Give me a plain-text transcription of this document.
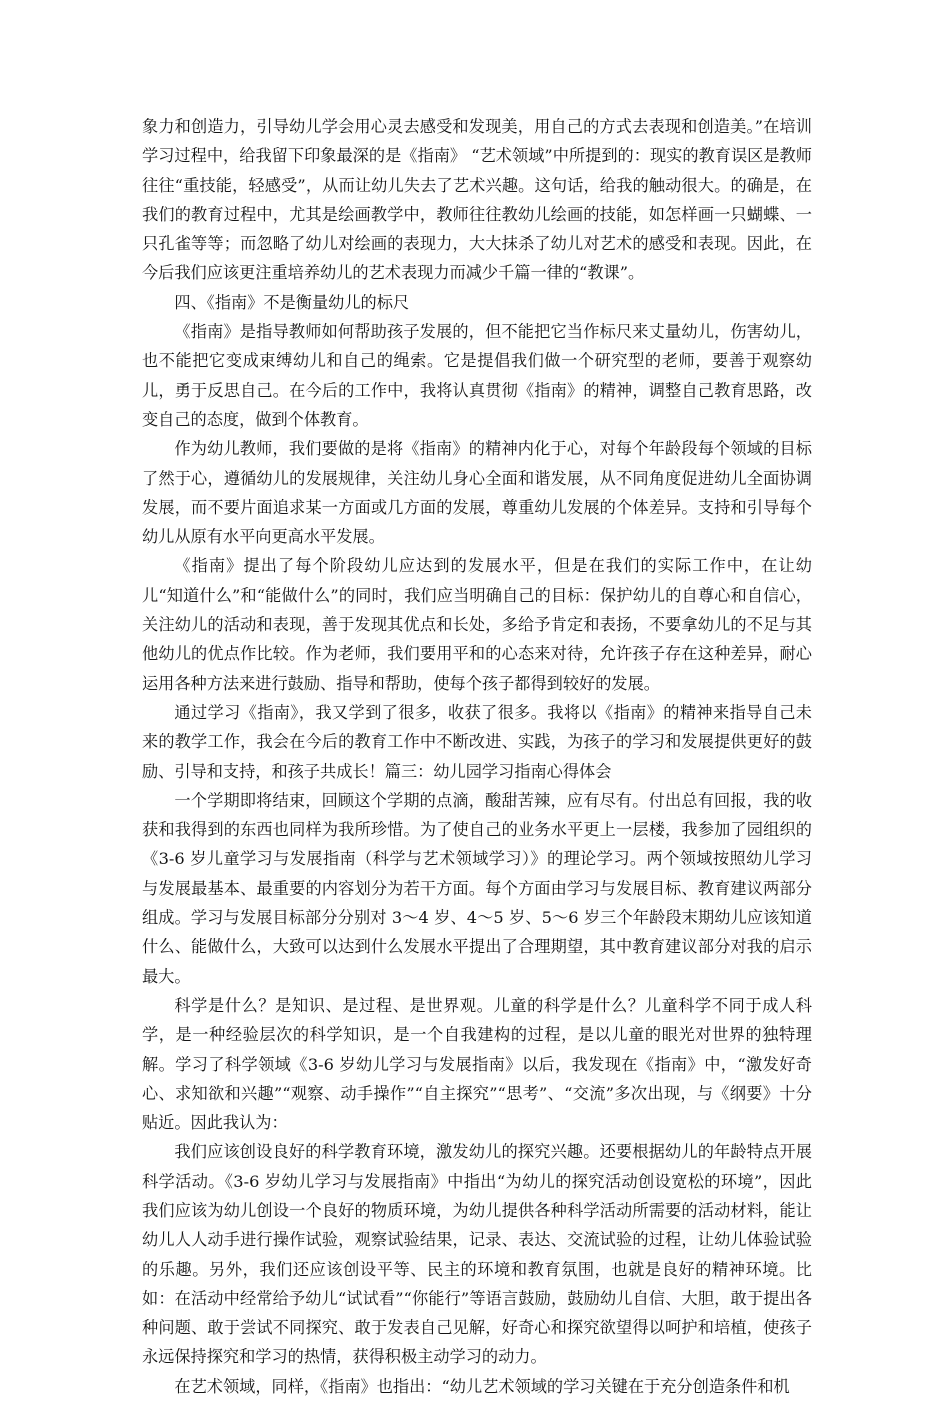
象力和创造力，引导幼儿学会用心灵去感受和发现美，用自己的方式去表现和创造美。”在培训学习过程中，给我留下印象最深的是《指南》 “艺术领域”中所提到的：现实的教育误区是教师往往“重技能，轻感受”，从而让幼儿失去了艺术兴趣。这句话，给我的触动很大。的确是，在我们的教育过程中，尤其是绘画教学中，教师往往教幼儿绘画的技能，如怎样画一只蝴蝶、一只孔雀等等；而忽略了幼儿对绘画的表现力，大大抹杀了幼儿对艺术的感受和表现。因此，在今后我们应该更注重培养幼儿的艺术表现力而减少千篇一律的“教课”。

四、《指南》不是衡量幼儿的标尺

《指南》是指导教师如何帮助孩子发展的，但不能把它当作标尺来丈量幼儿，伤害幼儿，也不能把它变成束缚幼儿和自己的绳索。它是提倡我们做一个研究型的老师，要善于观察幼儿，勇于反思自己。在今后的工作中，我将认真贯彻《指南》的精神，调整自己教育思路，改变自己的态度，做到个体教育。

作为幼儿教师，我们要做的是将《指南》的精神内化于心，对每个年龄段每个领域的目标了然于心，遵循幼儿的发展规律，关注幼儿身心全面和谐发展，从不同角度促进幼儿全面协调发展，而不要片面追求某一方面或几方面的发展，尊重幼儿发展的个体差异。支持和引导每个幼儿从原有水平向更高水平发展。

《指南》提出了每个阶段幼儿应达到的发展水平，但是在我们的实际工作中，在让幼儿“知道什么”和“能做什么”的同时，我们应当明确自己的目标：保护幼儿的自尊心和自信心，关注幼儿的活动和表现，善于发现其优点和长处，多给予肯定和表扬，不要拿幼儿的不足与其他幼儿的优点作比较。作为老师，我们要用平和的心态来对待，允许孩子存在这种差异，耐心运用各种方法来进行鼓励、指导和帮助，使每个孩子都得到较好的发展。

通过学习《指南》，我又学到了很多，收获了很多。我将以《指南》的精神来指导自己未来的教学工作，我会在今后的教育工作中不断改进、实践，为孩子的学习和发展提供更好的鼓励、引导和支持，和孩子共成长！篇三：幼儿园学习指南心得体会

一个学期即将结束，回顾这个学期的点滴，酸甜苦辣，应有尽有。付出总有回报，我的收获和我得到的东西也同样为我所珍惜。为了使自己的业务水平更上一层楼，我参加了园组织的《3-6 岁儿童学习与发展指南（科学与艺术领域学习）》的理论学习。两个领域按照幼儿学习与发展最基本、最重要的内容划分为若干方面。每个方面由学习与发展目标、教育建议两部分组成。学习与发展目标部分分别对 3～4 岁、4～5 岁、5～6 岁三个年龄段末期幼儿应该知道什么、能做什么，大致可以达到什么发展水平提出了合理期望，其中教育建议部分对我的启示最大。

科学是什么？是知识、是过程、是世界观。儿童的科学是什么？儿童科学不同于成人科学，是一种经验层次的科学知识，是一个自我建构的过程，是以儿童的眼光对世界的独特理解。学习了科学领域《3-6 岁幼儿学习与发展指南》以后，我发现在《指南》中，“激发好奇心、求知欲和兴趣”“观察、动手操作”“自主探究”“思考”、“交流”多次出现，与《纲要》十分贴近。因此我认为：

我们应该创设良好的科学教育环境，激发幼儿的探究兴趣。还要根据幼儿的年龄特点开展科学活动。《3-6 岁幼儿学习与发展指南》中指出“为幼儿的探究活动创设宽松的环境”，因此我们应该为幼儿创设一个良好的物质环境，为幼儿提供各种科学活动所需要的活动材料，能让幼儿人人动手进行操作试验，观察试验结果，记录、表达、交流试验的过程，让幼儿体验试验的乐趣。另外，我们还应该创设平等、民主的环境和教育氛围，也就是良好的精神环境。比如：在活动中经常给予幼儿“试试看”“你能行”等语言鼓励，鼓励幼儿自信、大胆，敢于提出各种问题、敢于尝试不同探究、敢于发表自己见解，好奇心和探究欲望得以呵护和培植，使孩子永远保持探究和学习的热情，获得积极主动学习的动力。

在艺术领域，同样，《指南》也指出：“幼儿艺术领域的学习关键在于充分创造条件和机
